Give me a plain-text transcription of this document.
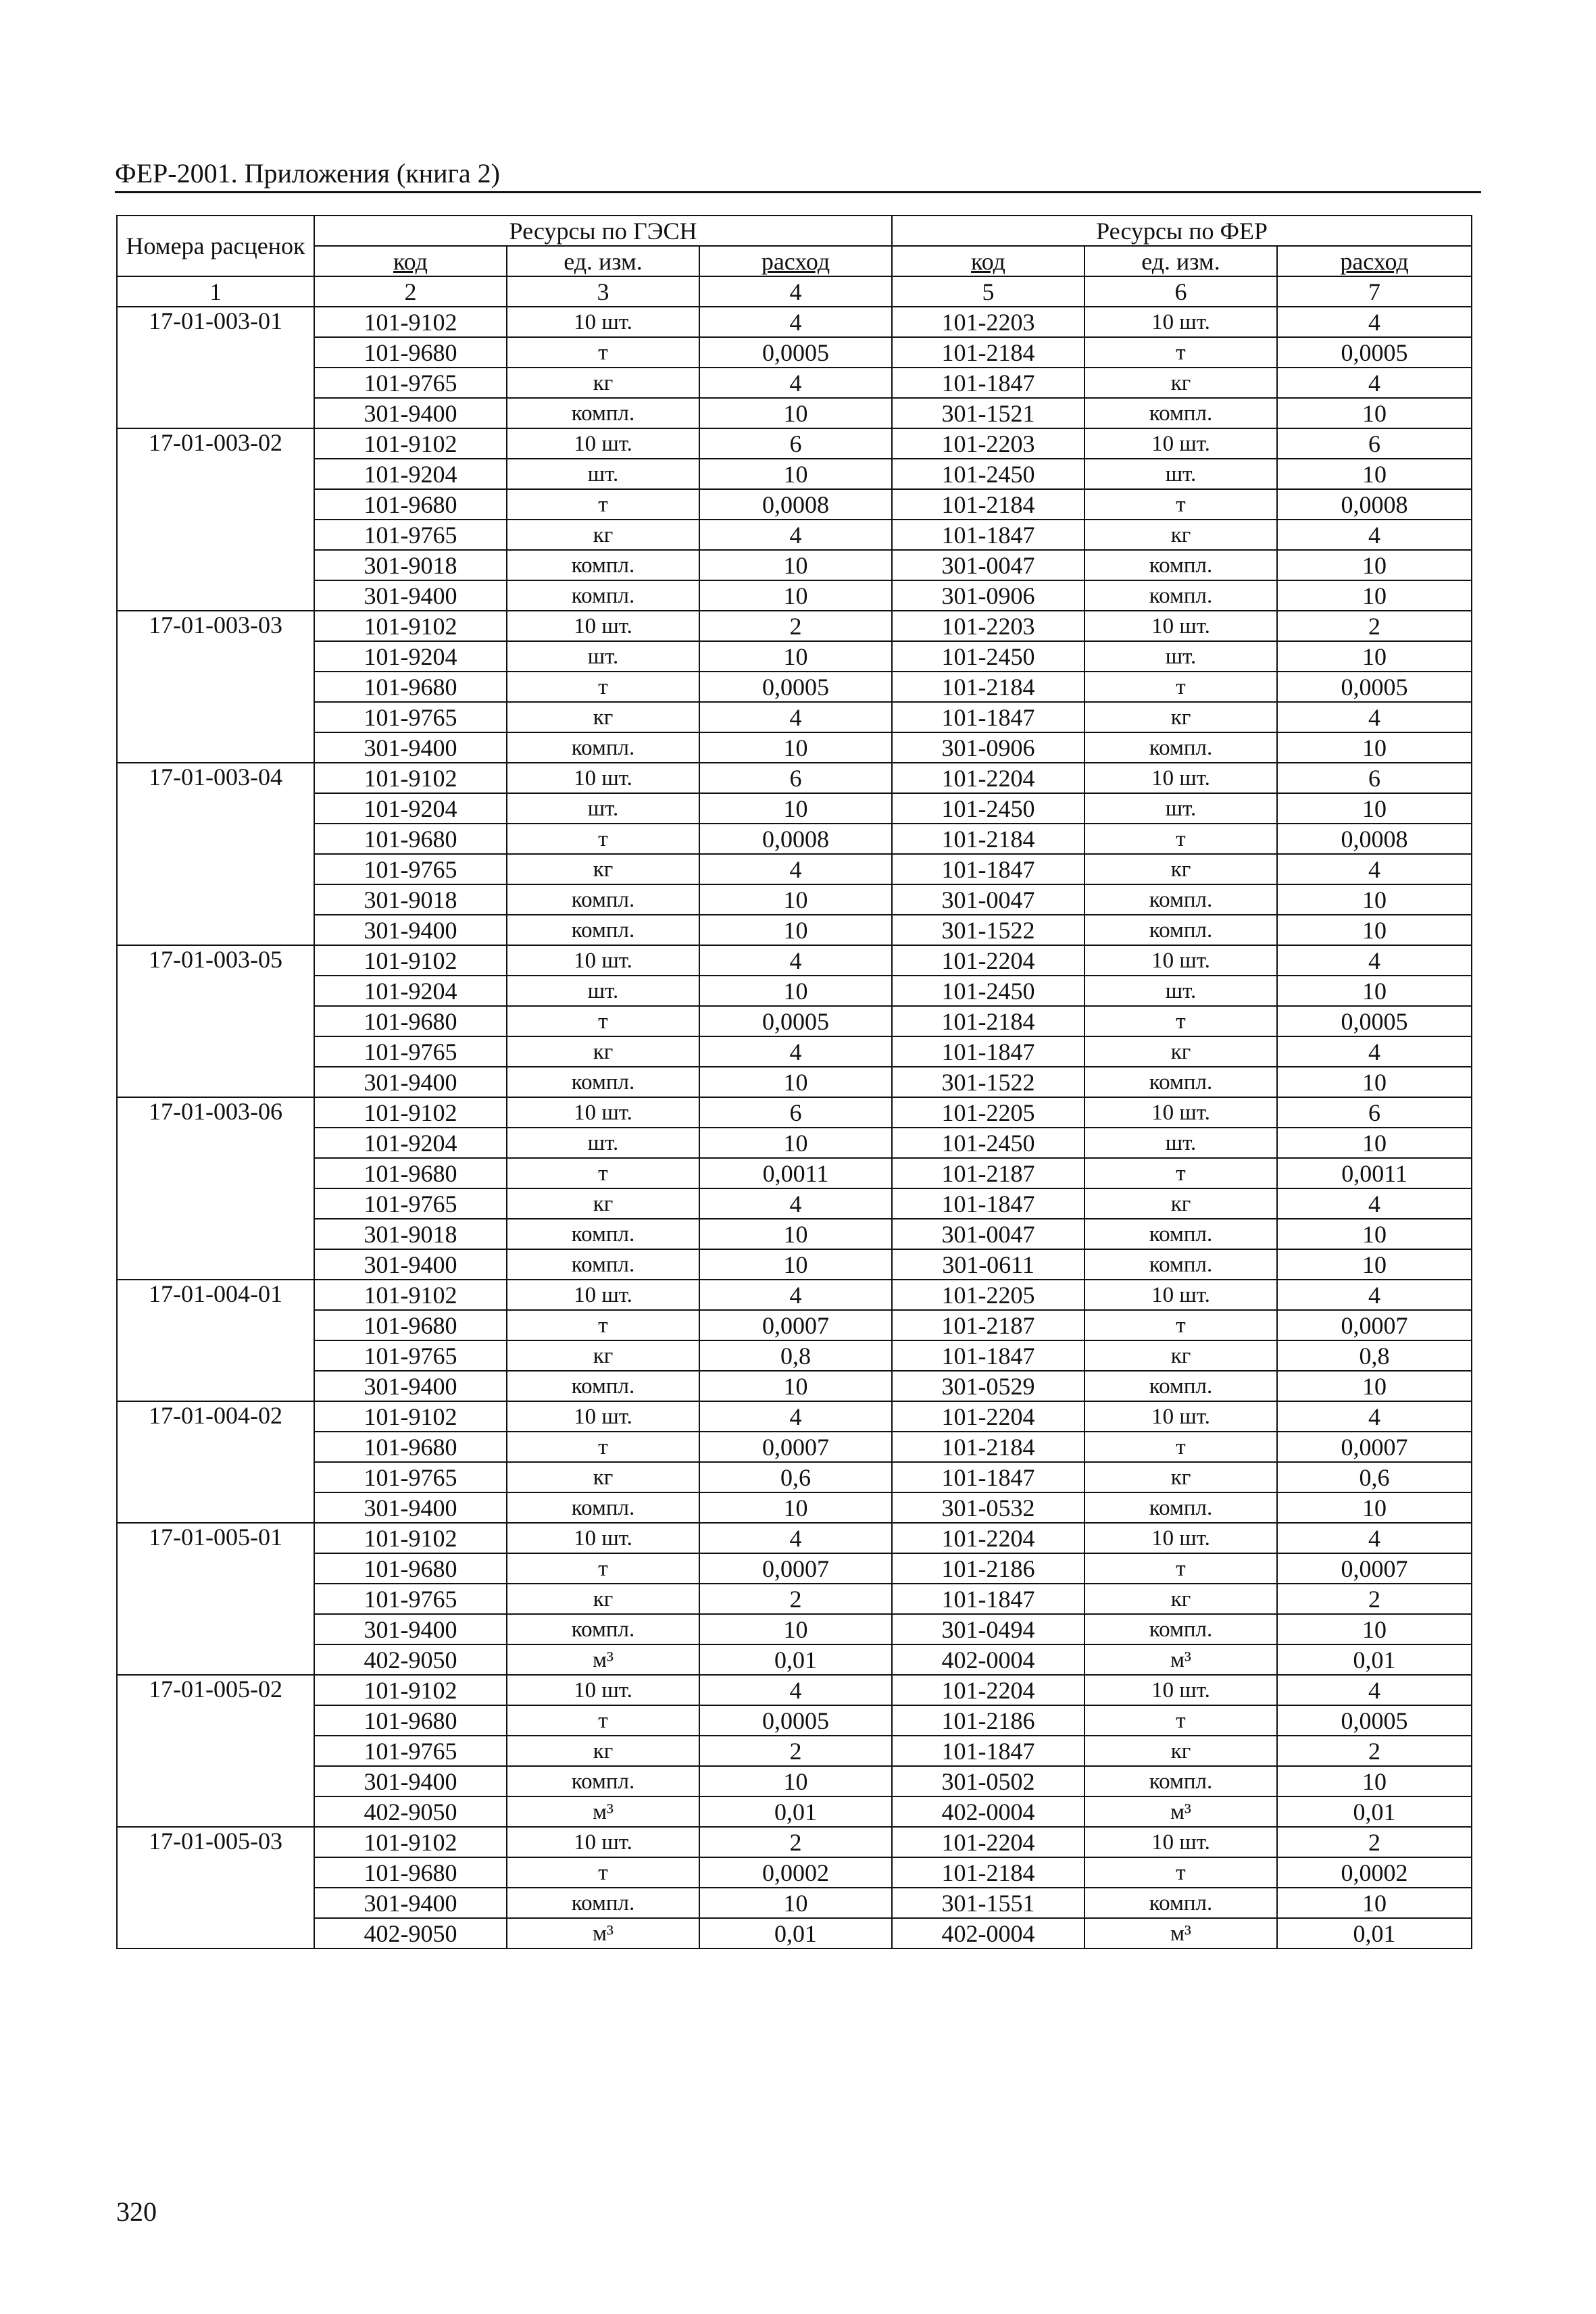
ФЕР-2001. Приложения (книга 2)
Номера расценок	Ресурсы по ГЭСН			Ресурсы по ФЕР		
	код	ед. изм.	расход	код	ед. изм.	расход
1	2	3	4	5	6	7
17-01-003-01	101-9102	10 шт.	4	101-2203	10 шт.	4
	101-9680	т	0,0005	101-2184	т	0,0005
	101-9765	кг	4	101-1847	кг	4
	301-9400	компл.	10	301-1521	компл.	10
17-01-003-02	101-9102	10 шт.	6	101-2203	10 шт.	6
	101-9204	шт.	10	101-2450	шт.	10
	101-9680	т	0,0008	101-2184	т	0,0008
	101-9765	кг	4	101-1847	кг	4
	301-9018	компл.	10	301-0047	компл.	10
	301-9400	компл.	10	301-0906	компл.	10
17-01-003-03	101-9102	10 шт.	2	101-2203	10 шт.	2
	101-9204	шт.	10	101-2450	шт.	10
	101-9680	т	0,0005	101-2184	т	0,0005
	101-9765	кг	4	101-1847	кг	4
	301-9400	компл.	10	301-0906	компл.	10
17-01-003-04	101-9102	10 шт.	6	101-2204	10 шт.	6
	101-9204	шт.	10	101-2450	шт.	10
	101-9680	т	0,0008	101-2184	т	0,0008
	101-9765	кг	4	101-1847	кг	4
	301-9018	компл.	10	301-0047	компл.	10
	301-9400	компл.	10	301-1522	компл.	10
17-01-003-05	101-9102	10 шт.	4	101-2204	10 шт.	4
	101-9204	шт.	10	101-2450	шт.	10
	101-9680	т	0,0005	101-2184	т	0,0005
	101-9765	кг	4	101-1847	кг	4
	301-9400	компл.	10	301-1522	компл.	10
17-01-003-06	101-9102	10 шт.	6	101-2205	10 шт.	6
	101-9204	шт.	10	101-2450	шт.	10
	101-9680	т	0,0011	101-2187	т	0,0011
	101-9765	кг	4	101-1847	кг	4
	301-9018	компл.	10	301-0047	компл.	10
	301-9400	компл.	10	301-0611	компл.	10
17-01-004-01	101-9102	10 шт.	4	101-2205	10 шт.	4
	101-9680	т	0,0007	101-2187	т	0,0007
	101-9765	кг	0,8	101-1847	кг	0,8
	301-9400	компл.	10	301-0529	компл.	10
17-01-004-02	101-9102	10 шт.	4	101-2204	10 шт.	4
	101-9680	т	0,0007	101-2184	т	0,0007
	101-9765	кг	0,6	101-1847	кг	0,6
	301-9400	компл.	10	301-0532	компл.	10
17-01-005-01	101-9102	10 шт.	4	101-2204	10 шт.	4
	101-9680	т	0,0007	101-2186	т	0,0007
	101-9765	кг	2	101-1847	кг	2
	301-9400	компл.	10	301-0494	компл.	10
	402-9050	м³	0,01	402-0004	м³	0,01
17-01-005-02	101-9102	10 шт.	4	101-2204	10 шт.	4
	101-9680	т	0,0005	101-2186	т	0,0005
	101-9765	кг	2	101-1847	кг	2
	301-9400	компл.	10	301-0502	компл.	10
	402-9050	м³	0,01	402-0004	м³	0,01
17-01-005-03	101-9102	10 шт.	2	101-2204	10 шт.	2
	101-9680	т	0,0002	101-2184	т	0,0002
	301-9400	компл.	10	301-1551	компл.	10
	402-9050	м³	0,01	402-0004	м³	0,01
320
